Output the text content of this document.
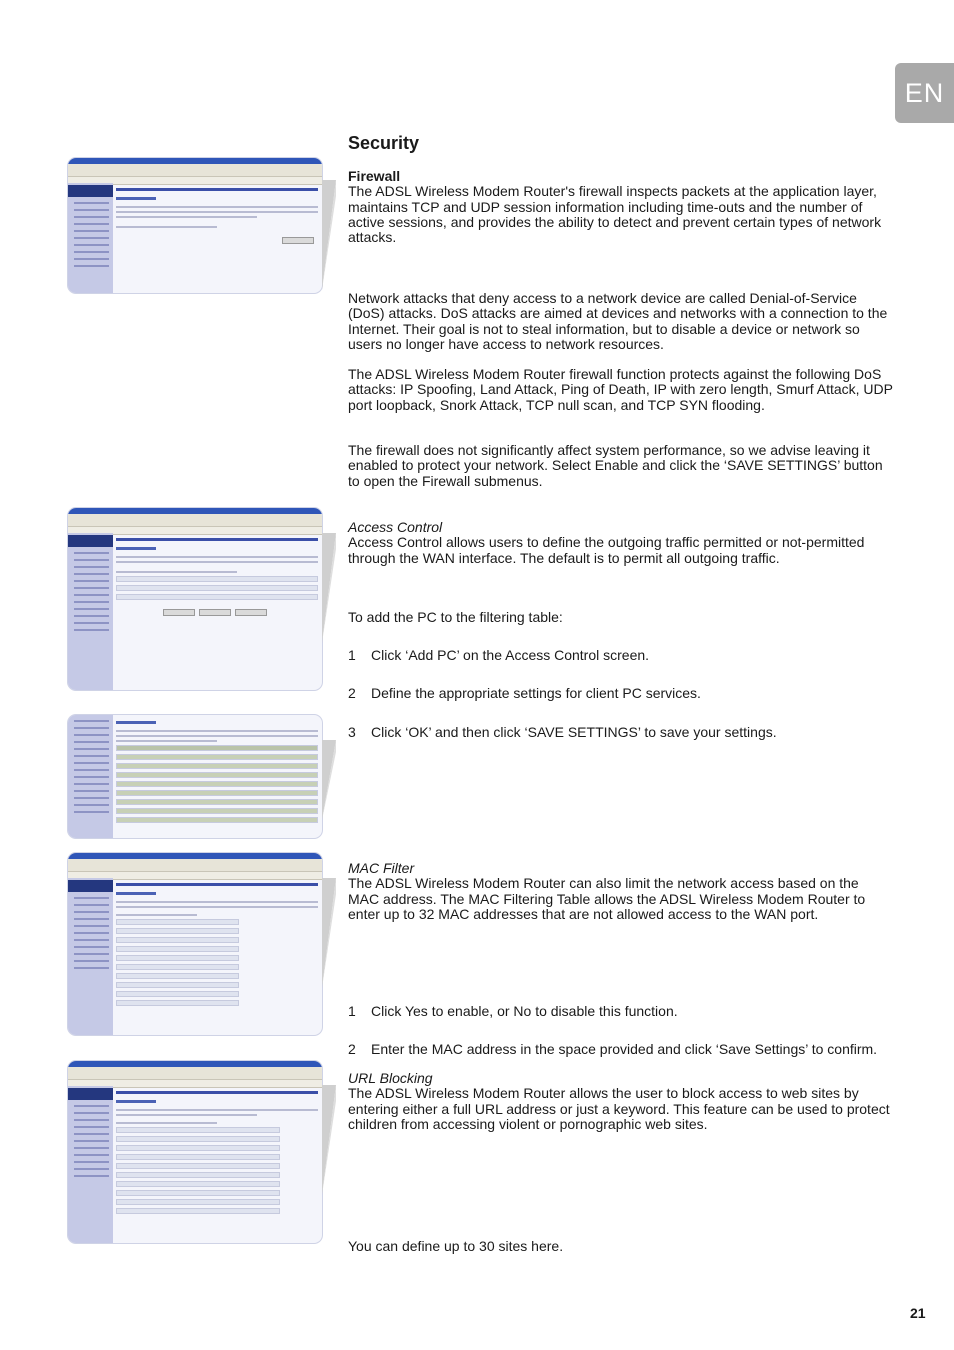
EN
Security
Firewall
The ADSL Wireless Modem Router's firewall inspects packets at the application layer, maintains TCP and UDP session information including time-outs and the number of active sessions, and provides the ability to detect and prevent certain types of network attacks.

Network attacks that deny access to a network device are called Denial-of-Service (DoS) attacks. DoS attacks are aimed at devices and networks with a connection to the Internet. Their goal is not to steal information, but to disable a device or network so users no longer have access to network resources.

The ADSL Wireless Modem Router firewall function protects against the following DoS attacks: IP Spoofing, Land Attack, Ping of Death, IP with zero length, Smurf Attack, UDP port loopback, Snork Attack, TCP null scan, and TCP SYN flooding.

The firewall does not significantly affect system performance, so we advise leaving it enabled to protect your network. Select Enable and click the ‘SAVE SETTINGS’ button to open the Firewall submenus.

Access Control
Access Control allows users to define the outgoing traffic permitted or not-permitted through the WAN interface. The default is to permit all outgoing traffic.

To add the PC to the filtering table:

1 Click ‘Add PC’ on the Access Control screen.
2 Define the appropriate settings for client PC services.
3 Click ‘OK’ and then click ‘SAVE SETTINGS’ to save your settings.
MAC Filter
The ADSL Wireless Modem Router can also limit the network access based on the MAC address. The MAC Filtering Table allows the ADSL Wireless Modem Router to enter up to 32 MAC addresses that are not allowed access to the WAN port.
1 Click Yes to enable, or No to disable this function.
2 Enter the MAC address in the space provided and click ‘Save Settings’ to confirm.
URL Blocking
The ADSL Wireless Modem Router allows the user to block access to web sites by entering either a full URL address or just a keyword. This feature can be used to protect children from accessing violent or pornographic web sites.

You can define up to 30 sites here.

21
